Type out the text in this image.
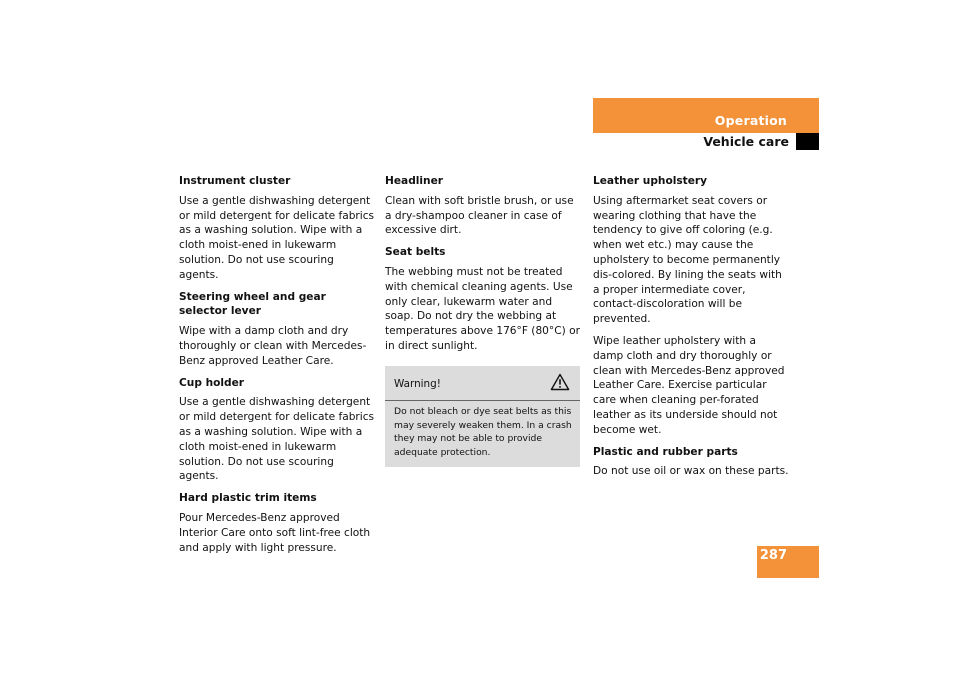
Operation
Vehicle care
Instrument cluster
Use a gentle dishwashing detergent or mild detergent for delicate fabrics as a washing solution. Wipe with a cloth moist-ened in lukewarm solution. Do not use scouring agents.
Steering wheel and gear selector lever
Wipe with a damp cloth and dry thoroughly or clean with Mercedes-Benz approved Leather Care.
Cup holder
Use a gentle dishwashing detergent or mild detergent for delicate fabrics as a washing solution. Wipe with a cloth moist-ened in lukewarm solution. Do not use scouring agents.
Hard plastic trim items
Pour Mercedes-Benz approved Interior Care onto soft lint-free cloth and apply with light pressure.
Headliner
Clean with soft bristle brush, or use a dry-shampoo cleaner in case of excessive dirt.
Seat belts
The webbing must not be treated with chemical cleaning agents. Use only clear, lukewarm water and soap. Do not dry the webbing at temperatures above 176°F (80°C) or in direct sunlight.
Warning!
Do not bleach or dye seat belts as this may severely weaken them. In a crash they may not be able to provide adequate protection.
Leather upholstery
Using aftermarket seat covers or wearing clothing that have the tendency to give off coloring (e.g. when wet etc.) may cause the upholstery to become permanently dis-colored. By lining the seats with a proper intermediate cover, contact-discoloration will be prevented.
Wipe leather upholstery with a damp cloth and dry thoroughly or clean with Mercedes-Benz approved Leather Care. Exercise particular care when cleaning per-forated leather as its underside should not become wet.
Plastic and rubber parts
Do not use oil or wax on these parts.
287
